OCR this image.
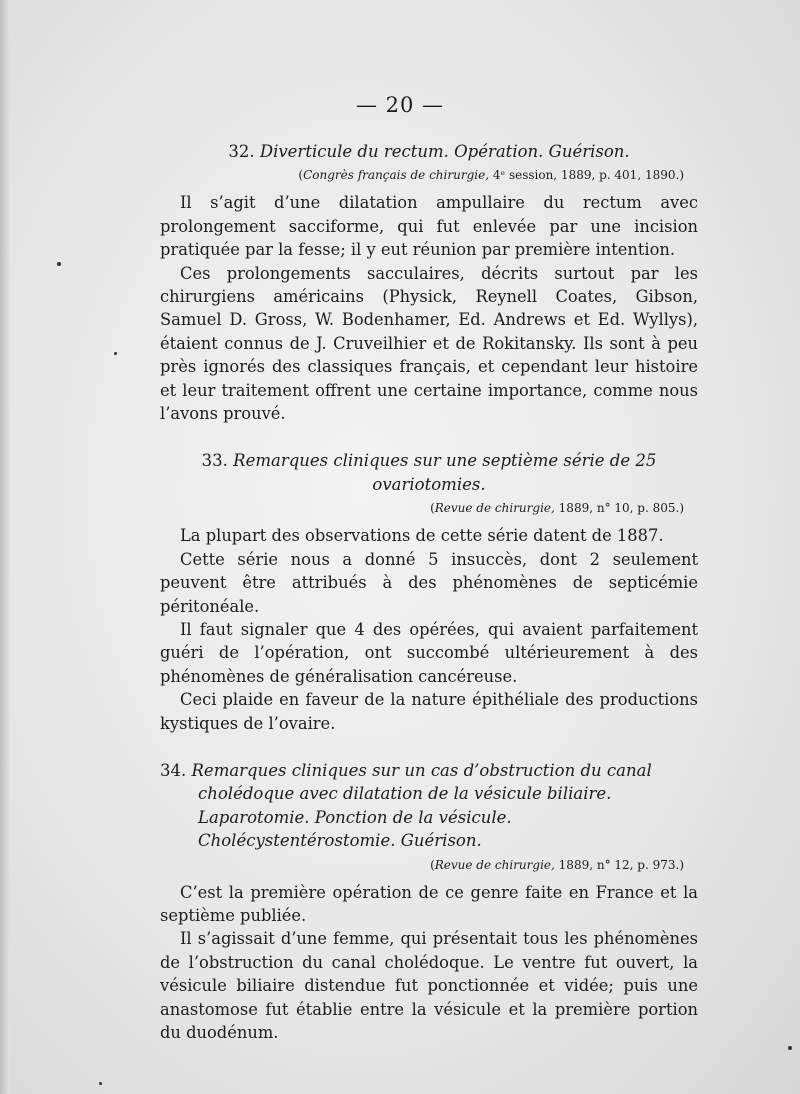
— 20 —

32. Diverticule du rectum. Opération. Guérison.

(Congrès français de chirurgie, 4ᵉ session, 1889, p. 401, 1890.)

Il s’agit d’une dilatation ampullaire du rectum avec prolongement sacciforme, qui fut enlevée par une incision pratiquée par la fesse; il y eut réunion par première intention.

Ces prolongements sacculaires, décrits surtout par les chirurgiens américains (Physick, Reynell Coates, Gibson, Samuel D. Gross, W. Bodenhamer, Ed. Andrews et Ed. Wyllys), étaient connus de J. Cruveilhier et de Rokitansky. Ils sont à peu près ignorés des classiques français, et cependant leur histoire et leur traitement offrent une certaine importance, comme nous l’avons prouvé.

33. Remarques cliniques sur une septième série de 25 ovariotomies.

(Revue de chirurgie, 1889, n° 10, p. 805.)

La plupart des observations de cette série datent de 1887.

Cette série nous a donné 5 insuccès, dont 2 seulement peuvent être attribués à des phénomènes de septicémie péritonéale.

Il faut signaler que 4 des opérées, qui avaient parfaitement guéri de l’opération, ont succombé ultérieurement à des phénomènes de généralisation cancéreuse.

Ceci plaide en faveur de la nature épithéliale des productions kystiques de l’ovaire.

34. Remarques cliniques sur un cas d’obstruction du canal cholédoque avec dilatation de la vésicule biliaire. Laparotomie. Ponction de la vésicule. Cholécystentérostomie. Guérison.

(Revue de chirurgie, 1889, n° 12, p. 973.)

C’est la première opération de ce genre faite en France et la septième publiée.

Il s’agissait d’une femme, qui présentait tous les phénomènes de l’obstruction du canal cholédoque. Le ventre fut ouvert, la vésicule biliaire distendue fut ponctionnée et vidée; puis une anastomose fut établie entre la vésicule et la première portion du duodénum.
